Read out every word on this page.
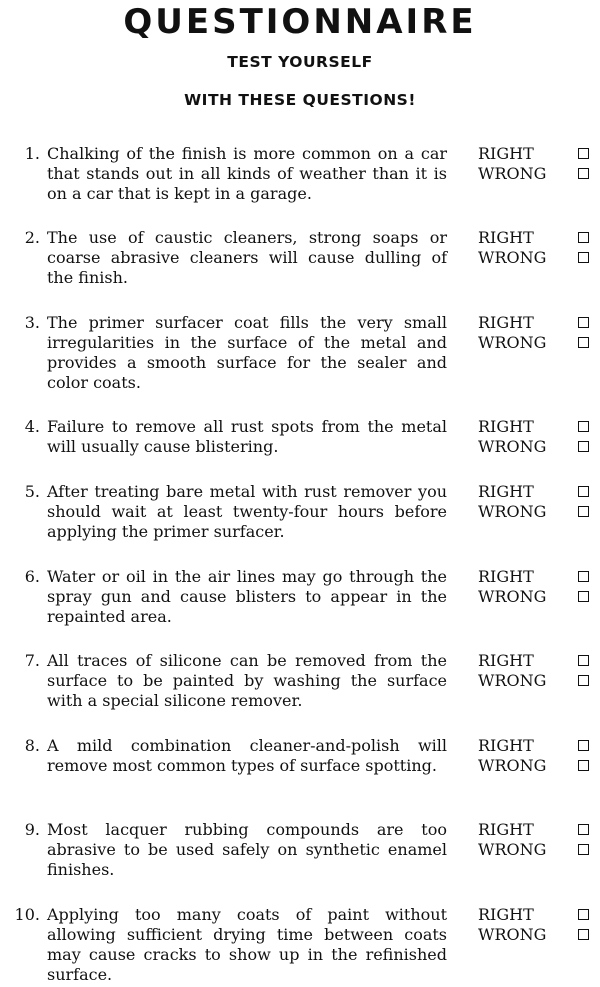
QUESTIONNAIRE
TEST YOURSELF
WITH THESE QUESTIONS!
1. Chalking of the finish is more common on a car that stands out in all kinds of weather than it is on a car that is kept in a garage.
RIGHT
WRONG
2. The use of caustic cleaners, strong soaps or coarse abrasive cleaners will cause dulling of the finish.
RIGHT
WRONG
3. The primer surfacer coat fills the very small irregularities in the surface of the metal and provides a smooth surface for the sealer and color coats.
RIGHT
WRONG
4. Failure to remove all rust spots from the metal will usually cause blistering.
RIGHT
WRONG
5. After treating bare metal with rust remover you should wait at least twenty-four hours before applying the primer surfacer.
RIGHT
WRONG
6. Water or oil in the air lines may go through the spray gun and cause blisters to appear in the repainted area.
RIGHT
WRONG
7. All traces of silicone can be removed from the surface to be painted by washing the surface with a special silicone remover.
RIGHT
WRONG
8. A mild combination cleaner-and-polish will remove most common types of surface spotting.
RIGHT
WRONG
9. Most lacquer rubbing compounds are too abrasive to be used safely on synthetic enamel finishes.
RIGHT
WRONG
10. Applying too many coats of paint without allowing sufficient drying time between coats may cause cracks to show up in the refinished surface.
RIGHT
WRONG
